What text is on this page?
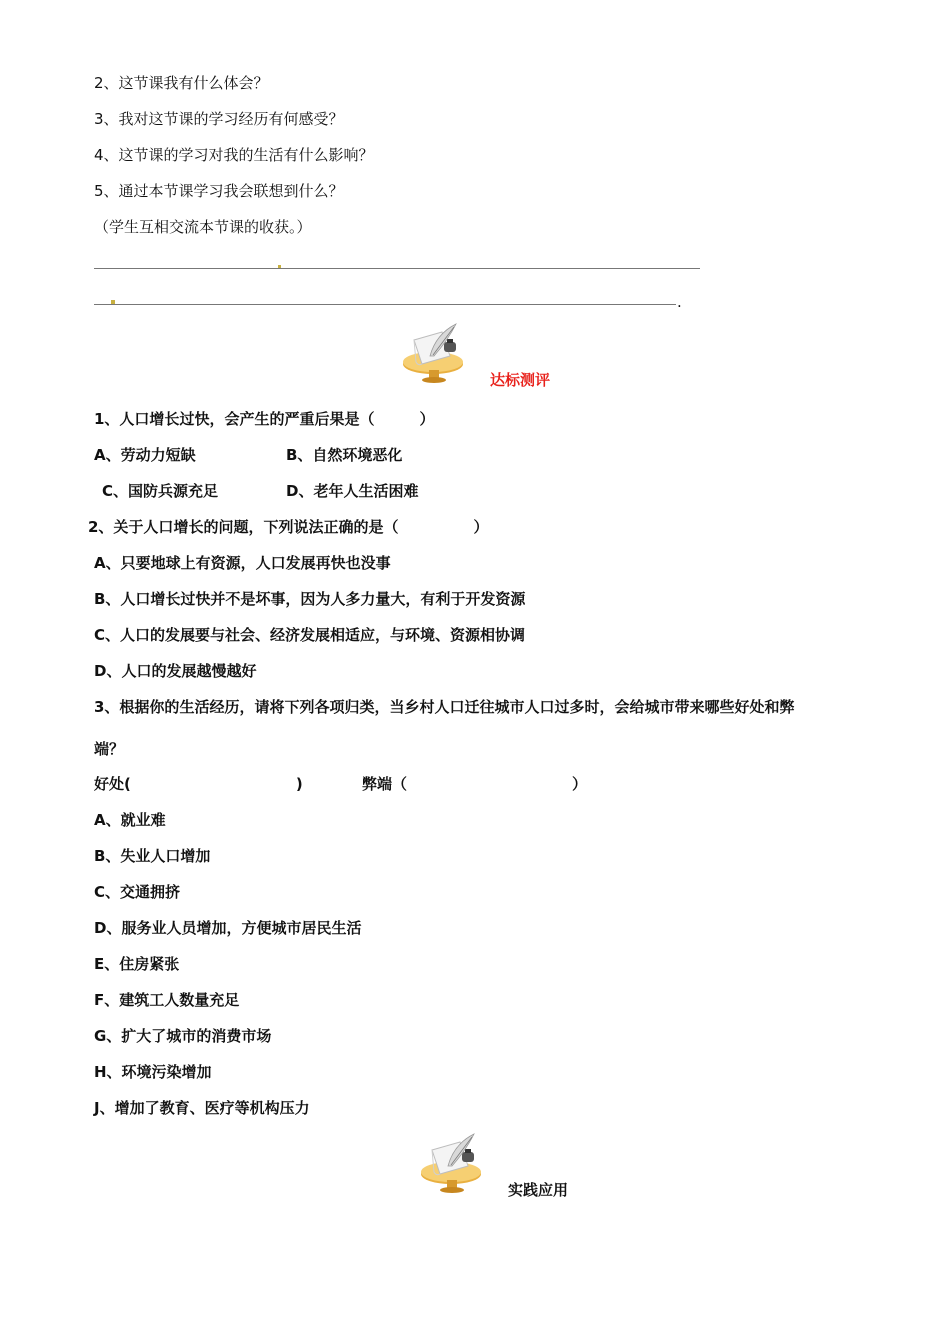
2、这节课我有什么体会？
3、我对这节课的学习经历有何感受？
4、这节课的学习对我的生活有什么影响？
5、通过本节课学习我会联想到什么？
（学生互相交流本节课的收获。）
.
达标测评
1、人口增长过快，会产生的严重后果是（　　　）
A、劳动力短缺	B、自然环境恶化
C、国防兵源充足	D、老年人生活困难
2、关于人口增长的问题，下列说法正确的是（　　　　　）
A、只要地球上有资源，人口发展再快也没事
B、人口增长过快并不是坏事，因为人多力量大，有利于开发资源
C、人口的发展要与社会、经济发展相适应，与环境、资源相协调
D、人口的发展越慢越好
3、根据你的生活经历，请将下列各项归类，当乡村人口迁往城市人口过多时，会给城市带来哪些好处和弊
端？
好处(　　　　　　　　　　　)	弊端（　　　　　　　　　　　）
A、就业难
B、失业人口增加
C、交通拥挤
D、服务业人员增加，方便城市居民生活
E、住房紧张
F、建筑工人数量充足
G、扩大了城市的消费市场
H、环境污染增加
J、增加了教育、医疗等机构压力
实践应用
